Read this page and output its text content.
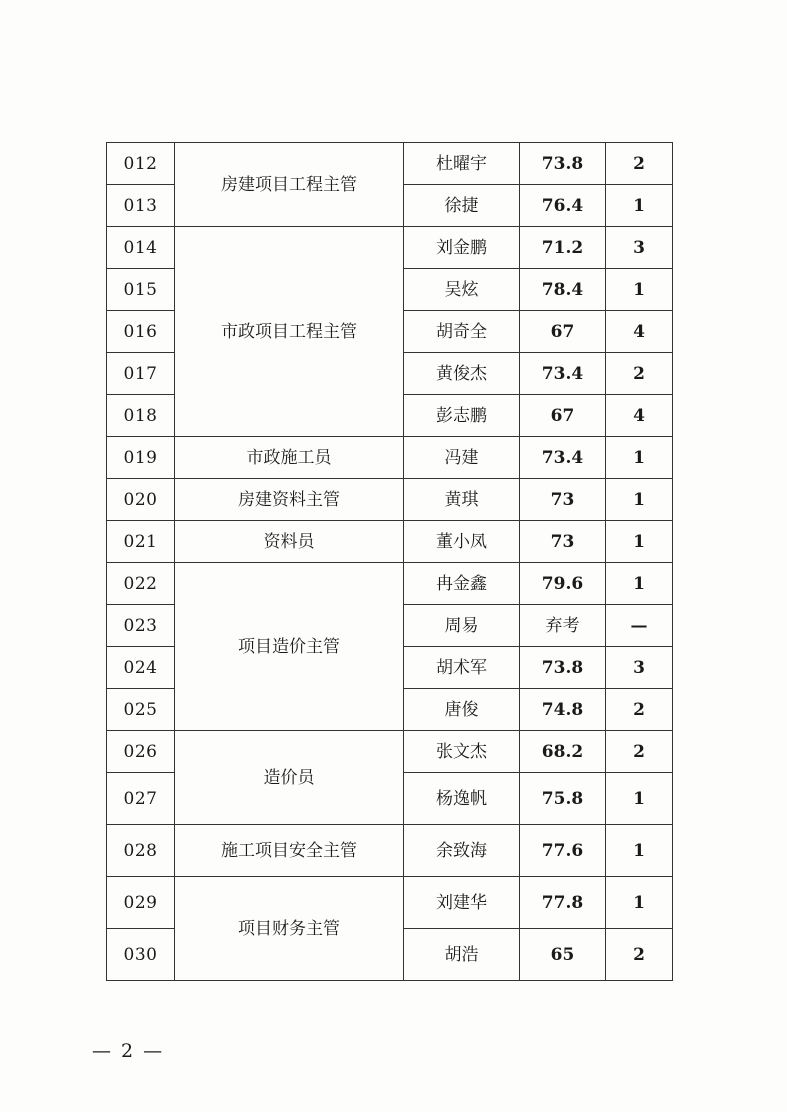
012	房建项目工程主管	杜曜宇	73.8	2
013		徐捷	76.4	1
014	市政项目工程主管	刘金鹏	71.2	3
015		吴炫	78.4	1
016		胡奇全	67	4
017		黄俊杰	73.4	2
018		彭志鹏	67	4
019	市政施工员	冯建	73.4	1
020	房建资料主管	黄琪	73	1
021	资料员	董小凤	73	1
022	项目造价主管	冉金鑫	79.6	1
023		周易	弃考	—
024		胡术军	73.8	3
025		唐俊	74.8	2
026	造价员	张文杰	68.2	2
027		杨逸帆	75.8	1
028	施工项目安全主管	余致海	77.6	1
029	项目财务主管	刘建华	77.8	1
030		胡浩	65	2
— 2 —
